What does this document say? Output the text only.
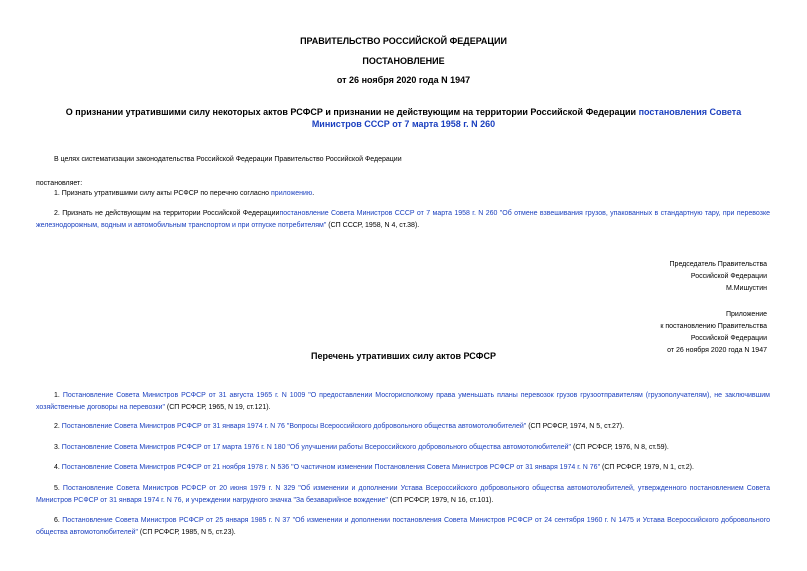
ПРАВИТЕЛЬСТВО РОССИЙСКОЙ ФЕДЕРАЦИИ
ПОСТАНОВЛЕНИЕ
от 26 ноября 2020 года N 1947
О признании утратившими силу некоторых актов РСФСР и признании не действующим на территории Российской Федерации постановления Совета Министров СССР от 7 марта 1958 г. N 260
В целях систематизации законодательства Российской Федерации Правительство Российской Федерации
постановляет:
1. Признать утратившими силу акты РСФСР по перечню согласно приложению.
2. Признать не действующим на территории Российской Федерациипостановление Совета Министров СССР от 7 марта 1958 г. N 260 "Об отмене взвешивания грузов, упакованных в стандартную тару, при перевозке железнодорожным, водным и автомобильным транспортом и при отпуске потребителям" (СП СССР, 1958, N 4, ст.38).
Председатель Правительства
Российской Федерации
М.Мишустин
Приложение
к постановлению Правительства
Российской Федерации
от 26 ноября 2020 года N 1947
Перечень утративших силу актов РСФСР
1. Постановление Совета Министров РСФСР от 31 августа 1965 г. N 1009 "О предоставлении Мосгорисполкому права уменьшать планы перевозок грузов грузоотправителям (грузополучателям), не заключившим хозяйственные договоры на перевозки" (СП РСФСР, 1965, N 19, ст.121).
2. Постановление Совета Министров РСФСР от 31 января 1974 г. N 76 "Вопросы Всероссийского добровольного общества автомотолюбителей" (СП РСФСР, 1974, N 5, ст.27).
3. Постановление Совета Министров РСФСР от 17 марта 1976 г. N 180 "Об улучшении работы Всероссийского добровольного общества автомотолюбителей" (СП РСФСР, 1976, N 8, ст.59).
4. Постановление Совета Министров РСФСР от 21 ноября 1978 г. N 536 "О частичном изменении Постановления Совета Министров РСФСР от 31 января 1974 г. N 76" (СП РСФСР, 1979, N 1, ст.2).
5. Постановление Совета Министров РСФСР от 20 июня 1979 г. N 329 "Об изменении и дополнении Устава Всероссийского добровольного общества автомотолюбителей, утвержденного постановлением Совета Министров РСФСР от 31 января 1974 г. N 76, и учреждении нагрудного значка "За безаварийное вождение" (СП РСФСР, 1979, N 16, ст.101).
6. Постановление Совета Министров РСФСР от 25 января 1985 г. N 37 "Об изменении и дополнении постановления Совета Министров РСФСР от 24 сентября 1960 г. N 1475 и Устава Всероссийского добровольного общества автомотолюбителей" (СП РСФСР, 1985, N 5, ст.23).
